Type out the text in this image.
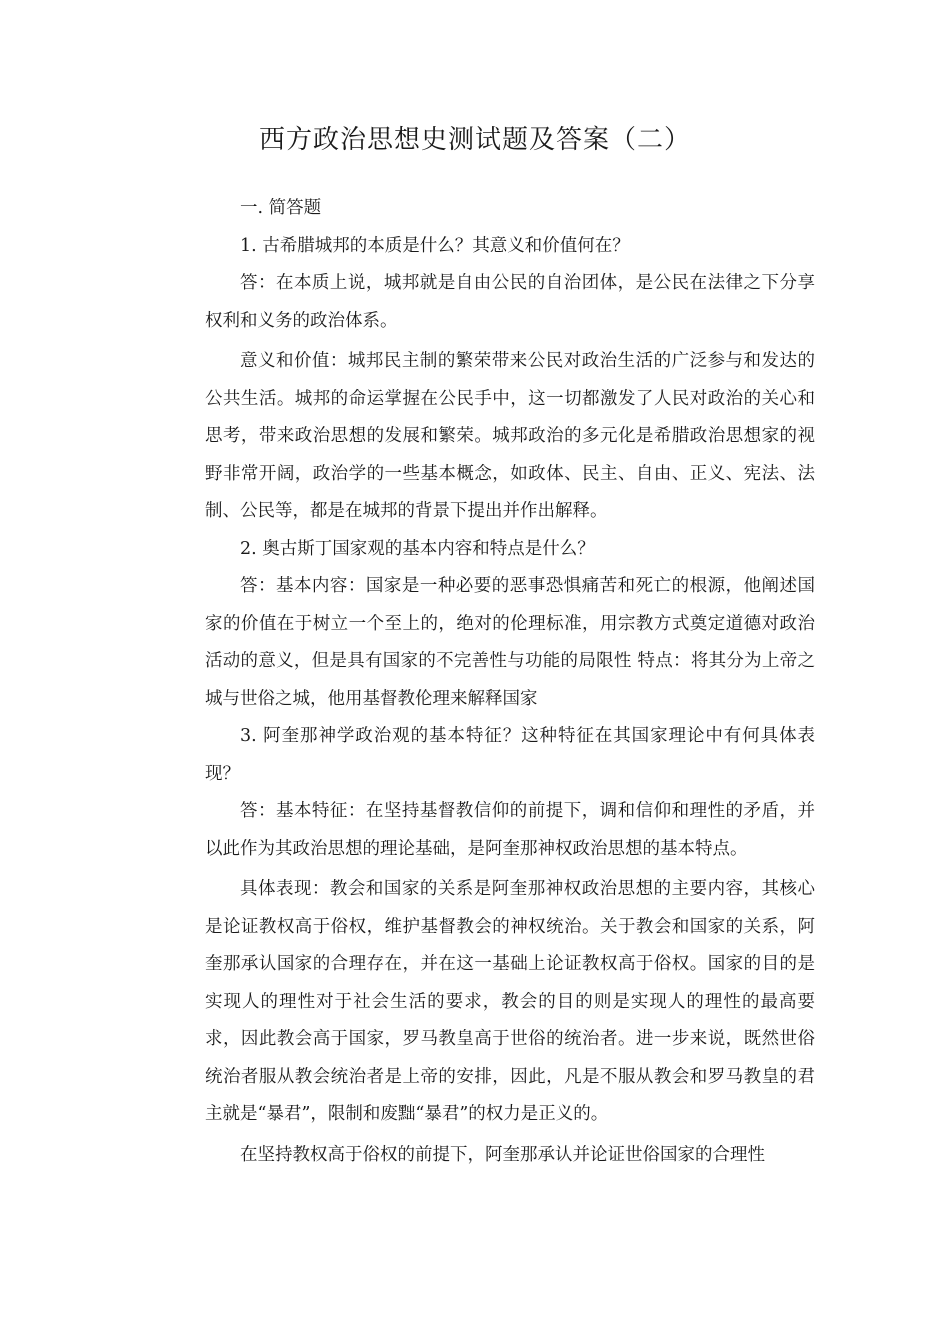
西方政治思想史测试题及答案（二）

一. 简答题

1. 古希腊城邦的本质是什么？其意义和价值何在？

答：在本质上说，城邦就是自由公民的自治团体，是公民在法律之下分享权利和义务的政治体系。

意义和价值：城邦民主制的繁荣带来公民对政治生活的广泛参与和发达的公共生活。城邦的命运掌握在公民手中，这一切都激发了人民对政治的关心和思考，带来政治思想的发展和繁荣。城邦政治的多元化是希腊政治思想家的视野非常开阔，政治学的一些基本概念，如政体、民主、自由、正义、宪法、法制、公民等，都是在城邦的背景下提出并作出解释。

2. 奥古斯丁国家观的基本内容和特点是什么？

答：基本内容：国家是一种必要的恶事恐惧痛苦和死亡的根源，他阐述国家的价值在于树立一个至上的，绝对的伦理标准，用宗教方式奠定道德对政治活动的意义，但是具有国家的不完善性与功能的局限性 特点：将其分为上帝之城与世俗之城，他用基督教伦理来解释国家

3. 阿奎那神学政治观的基本特征？这种特征在其国家理论中有何具体表现？

答：基本特征：在坚持基督教信仰的前提下，调和信仰和理性的矛盾，并以此作为其政治思想的理论基础，是阿奎那神权政治思想的基本特点。

具体表现：教会和国家的关系是阿奎那神权政治思想的主要内容，其核心是论证教权高于俗权，维护基督教会的神权统治。关于教会和国家的关系，阿奎那承认国家的合理存在，并在这一基础上论证教权高于俗权。国家的目的是实现人的理性对于社会生活的要求，教会的目的则是实现人的理性的最高要求，因此教会高于国家，罗马教皇高于世俗的统治者。进一步来说，既然世俗统治者服从教会统治者是上帝的安排，因此，凡是不服从教会和罗马教皇的君主就是“暴君”，限制和废黜“暴君”的权力是正义的。

在坚持教权高于俗权的前提下，阿奎那承认并论证世俗国家的合理性
